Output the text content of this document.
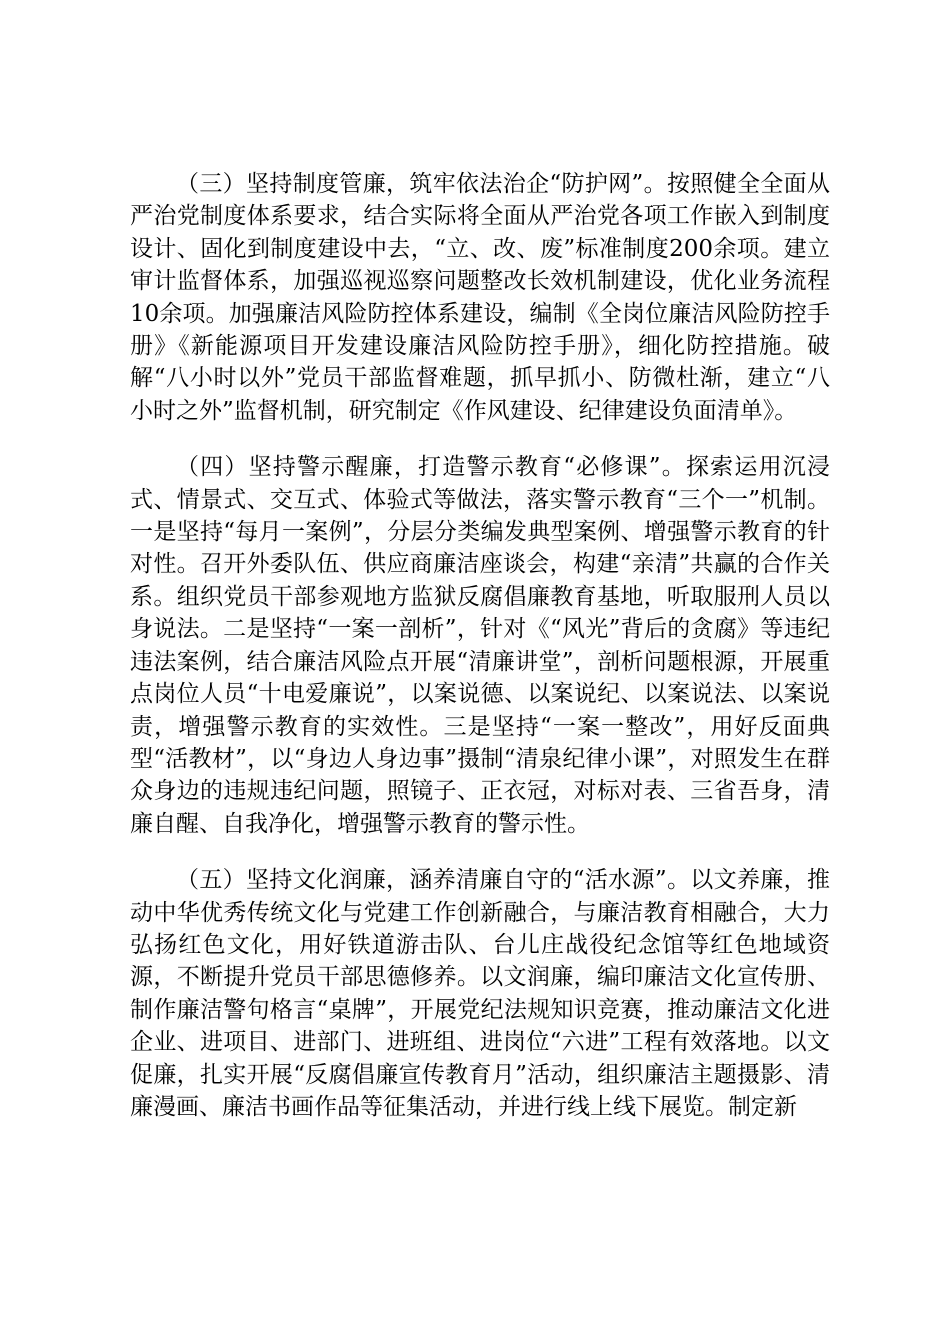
（三）坚持制度管廉，筑牢依法治企“防护网”。按照健全全面从严治党制度体系要求，结合实际将全面从严治党各项工作嵌入到制度设计、固化到制度建设中去，“立、改、废”标准制度200余项。建立审计监督体系，加强巡视巡察问题整改长效机制建设，优化业务流程10余项。加强廉洁风险防控体系建设，编制《全岗位廉洁风险防控手册》《新能源项目开发建设廉洁风险防控手册》，细化防控措施。破解“八小时以外”党员干部监督难题，抓早抓小、防微杜渐，建立“八小时之外”监督机制，研究制定《作风建设、纪律建设负面清单》。

（四）坚持警示醒廉，打造警示教育“必修课”。探索运用沉浸式、情景式、交互式、体验式等做法，落实警示教育“三个一”机制。一是坚持“每月一案例”，分层分类编发典型案例、增强警示教育的针对性。召开外委队伍、供应商廉洁座谈会，构建“亲清”共赢的合作关系。组织党员干部参观地方监狱反腐倡廉教育基地，听取服刑人员以身说法。二是坚持“一案一剖析”，针对《“风光”背后的贪腐》等违纪违法案例，结合廉洁风险点开展“清廉讲堂”，剖析问题根源，开展重点岗位人员“十电爱廉说”，以案说德、以案说纪、以案说法、以案说责，增强警示教育的实效性。三是坚持“一案一整改”，用好反面典型“活教材”，以“身边人身边事”摄制“清泉纪律小课”，对照发生在群众身边的违规违纪问题，照镜子、正衣冠，对标对表、三省吾身，清廉自醒、自我净化，增强警示教育的警示性。

（五）坚持文化润廉，涵养清廉自守的“活水源”。以文养廉，推动中华优秀传统文化与党建工作创新融合，与廉洁教育相融合，大力弘扬红色文化，用好铁道游击队、台儿庄战役纪念馆等红色地域资源，不断提升党员干部思德修养。以文润廉，编印廉洁文化宣传册、制作廉洁警句格言“桌牌”，开展党纪法规知识竞赛，推动廉洁文化进企业、进项目、进部门、进班组、进岗位“六进”工程有效落地。以文促廉，扎实开展“反腐倡廉宣传教育月”活动，组织廉洁主题摄影、清廉漫画、廉洁书画作品等征集活动，并进行线上线下展览。制定新
